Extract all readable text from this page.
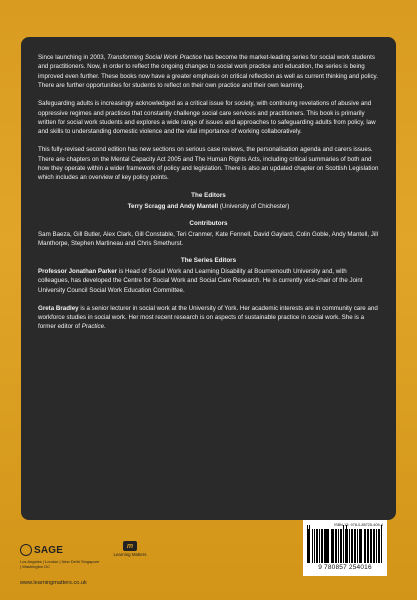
Since launching in 2003, Transforming Social Work Practice has become the market-leading series for social work students and practitioners. Now, in order to reflect the ongoing changes to social work practice and education, the series is being improved even further. These books now have a greater emphasis on critical reflection as well as current thinking and policy. There are further opportunities for students to reflect on their own practice and their own learning.

Safeguarding adults is increasingly acknowledged as a critical issue for society, with continuing revelations of abusive and oppressive regimes and practices that constantly challenge social care services and practitioners. This book is primarily written for social work students and explores a wide range of issues and approaches to safeguarding adults from policy, law and skills to understanding domestic violence and the vital importance of working collaboratively.

This fully-revised second edition has new sections on serious case reviews, the personalisation agenda and carers issues. There are chapters on the Mental Capacity Act 2005 and The Human Rights Acts, including critical summaries of both and how they operate within a wider framework of policy and legislation. There is also an updated chapter on Scottish Legislation which includes an overview of key policy points.

The Editors
Terry Scragg and Andy Mantell (University of Chichester)
Contributors
Sam Baeza, Gill Butler, Alex Clark, Gill Constable, Teri Cranmer, Kate Fennell, David Gaylard, Colin Goble, Andy Mantell, Jill Manthorpe, Stephen Martineau and Chris Smethurst.
The Series Editors

Professor Jonathan Parker is Head of Social Work and Learning Disability at Bournemouth University and, with colleagues, has developed the Centre for Social Work and Social Care Research. He is currently vice-chair of the Joint University Council Social Work Education Committee.

Greta Bradley is a senior lecturer in social work at the University of York. Her academic interests are in community care and workforce studies in social work. Her most recent research is on aspects of sustainable practice in social work. She is a former editor of Practice.

SAGE
Los Angeles | London | New Delhi Singapore | Washington DC
m
Learning Matters
www.learningmatters.co.uk
ISBN-13: 978-0-85725-405-4
9 780857 254016
